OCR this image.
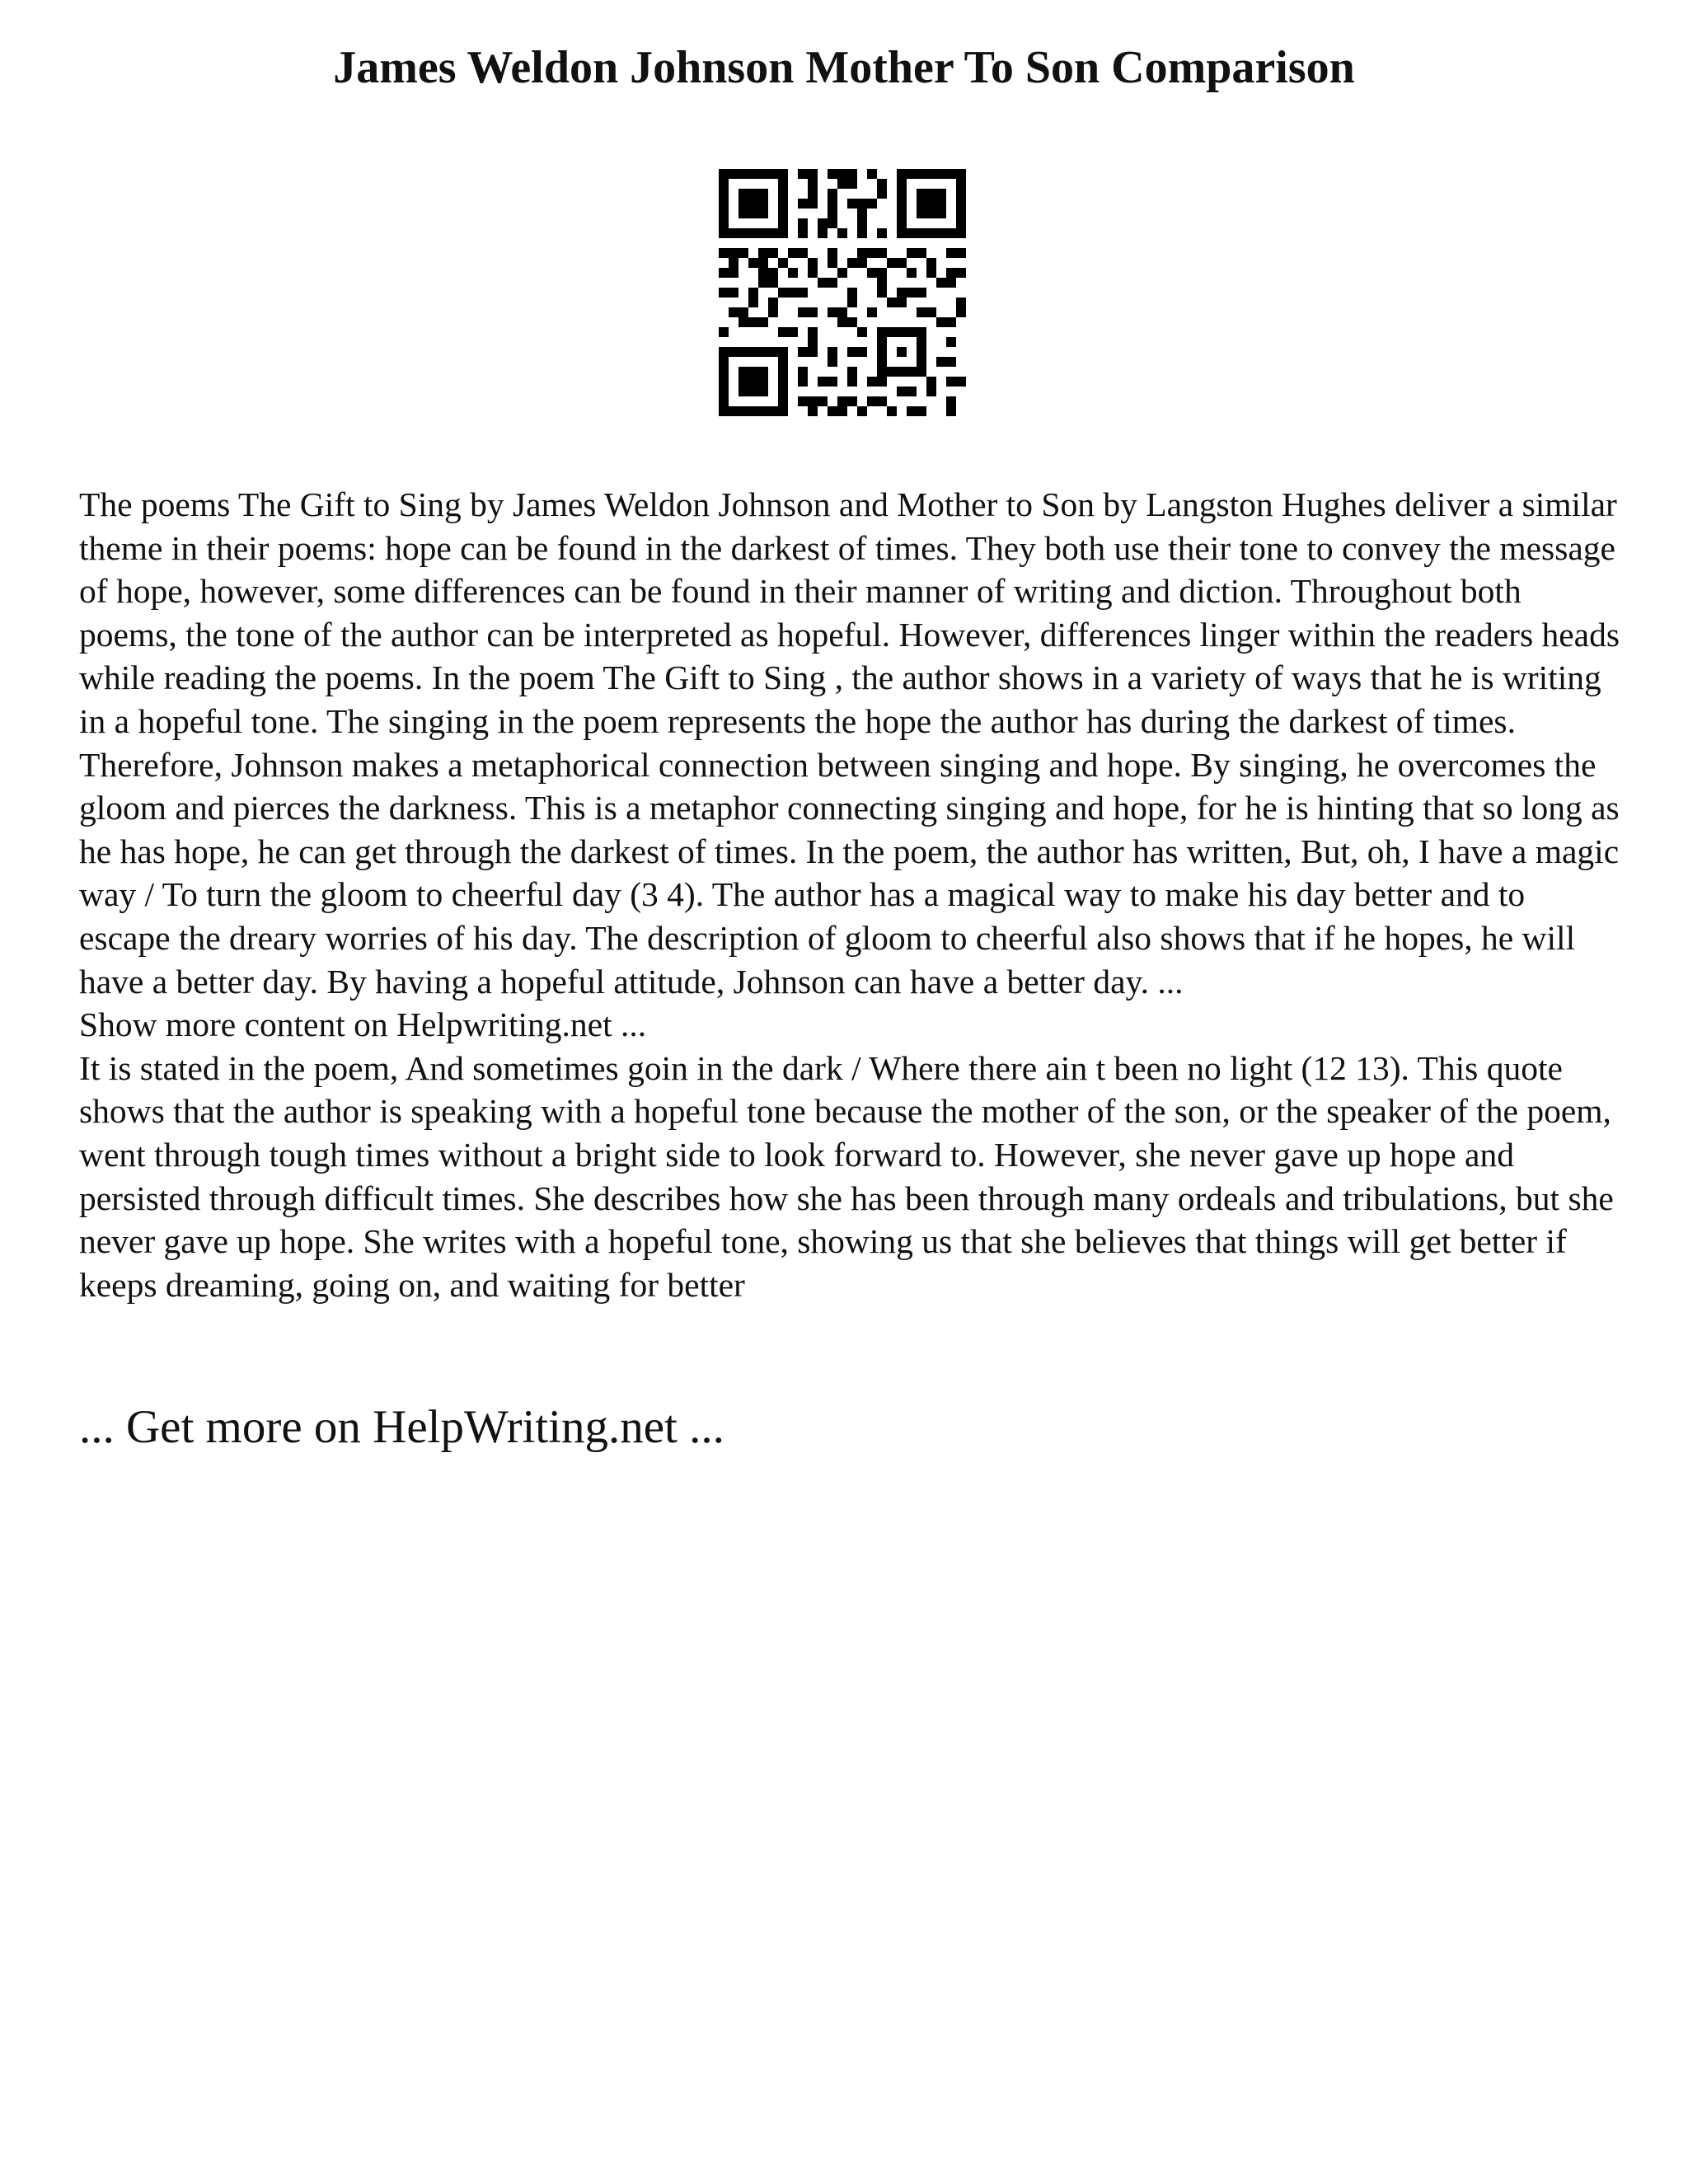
James Weldon Johnson Mother To Son Comparison

The poems The Gift to Sing by James Weldon Johnson and Mother to Son by Langston Hughes deliver a similar theme in their poems: hope can be found in the darkest of times. They both use their tone to convey the message of hope, however, some differences can be found in their manner of writing and diction. Throughout both poems, the tone of the author can be interpreted as hopeful. However, differences linger within the readers heads while reading the poems. In the poem The Gift to Sing , the author shows in a variety of ways that he is writing in a hopeful tone. The singing in the poem represents the hope the author has during the darkest of times. Therefore, Johnson makes a metaphorical connection between singing and hope. By singing, he overcomes the gloom and pierces the darkness. This is a metaphor connecting singing and hope, for he is hinting that so long as he has hope, he can get through the darkest of times. In the poem, the author has written, But, oh, I have a magic way / To turn the gloom to cheerful day (3 4). The author has a magical way to make his day better and to escape the dreary worries of his day. The description of gloom to cheerful also shows that if he hopes, he will have a better day. By having a hopeful attitude, Johnson can have a better day. ...

Show more content on Helpwriting.net ...

It is stated in the poem, And sometimes goin in the dark / Where there ain t been no light (12 13). This quote shows that the author is speaking with a hopeful tone because the mother of the son, or the speaker of the poem, went through tough times without a bright side to look forward to. However, she never gave up hope and persisted through difficult times. She describes how she has been through many ordeals and tribulations, but she never gave up hope. She writes with a hopeful tone, showing us that she believes that things will get better if keeps dreaming, going on, and waiting for better

... Get more on HelpWriting.net ...
